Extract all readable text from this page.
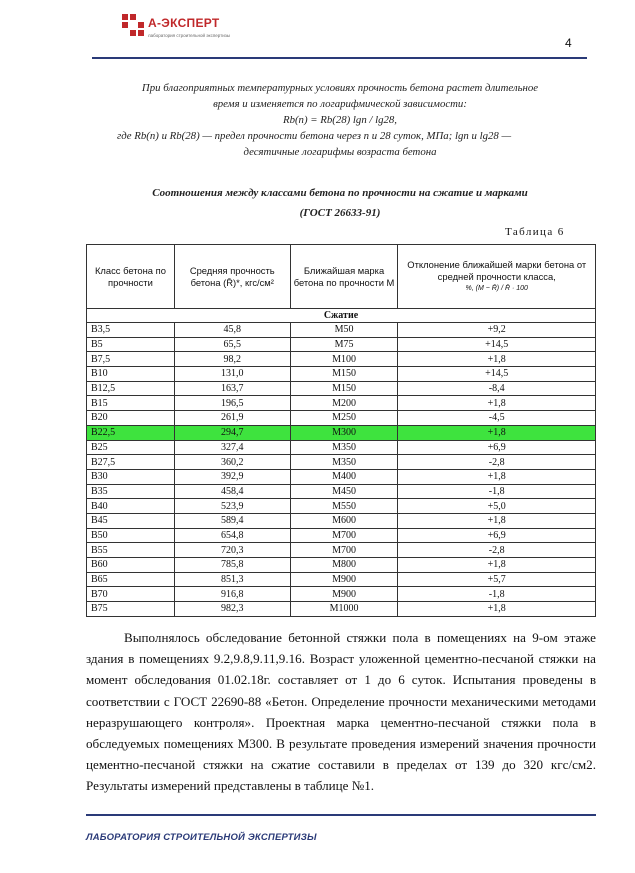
А-ЭКСПЕРТ
лаборатория строительной экспертизы
4
При благоприятных температурных условиях прочность бетона растет длительное
время и изменяется по логарифмической зависимости:
Rb(n) = Rb(28) lgn / lg28,
где Rb(n) и Rb(28) — предел прочности бетона через n и 28 суток, МПа; lgn и lg28 —
десятичные логарифмы возраста бетона
Соотношения между классами бетона по прочности на сжатие и марками
(ГОСТ 26633-91)
Таблица 6
Класс бетона по прочности	Средняя прочность бетона (R̄)*, кгс/см²	Ближайшая марка бетона по прочности М	Отклонение ближайшей марки бетона от средней прочности класса,
%, (M − R̄) / R̄ · 100

Сжатие			
В3,5	45,8	М50	+9,2
В5	65,5	М75	+14,5
В7,5	98,2	М100	+1,8
В10	131,0	М150	+14,5
В12,5	163,7	М150	-8,4
В15	196,5	М200	+1,8
В20	261,9	М250	-4,5
В22,5	294,7	М300	+1,8
В25	327,4	М350	+6,9
В27,5	360,2	М350	-2,8
В30	392,9	М400	+1,8
В35	458,4	М450	-1,8
В40	523,9	М550	+5,0
В45	589,4	М600	+1,8
В50	654,8	М700	+6,9
В55	720,3	М700	-2,8
В60	785,8	М800	+1,8
В65	851,3	М900	+5,7
В70	916,8	М900	-1,8
В75	982,3	М1000	+1,8

Выполнялось обследование бетонной стяжки пола в помещениях на 9-ом этаже здания в помещениях 9.2,9.8,9.11,9.16. Возраст уложенной цементно-песчаной стяжки на момент обследования 01.02.18г. составляет от 1 до 6 суток. Испытания проведены в соответствии с ГОСТ 22690-88 «Бетон. Определение прочности механическими методами неразрушающего контроля». Проектная марка цементно-песчаной стяжки пола в обследуемых помещениях М300. В результате проведения измерений значения прочности цементно-песчаной стяжки на сжатие составили в пределах от 139 до 320 кгс/см2. Результаты измерений представлены в таблице №1.

ЛАБОРАТОРИЯ СТРОИТЕЛЬНОЙ ЭКСПЕРТИЗЫ
